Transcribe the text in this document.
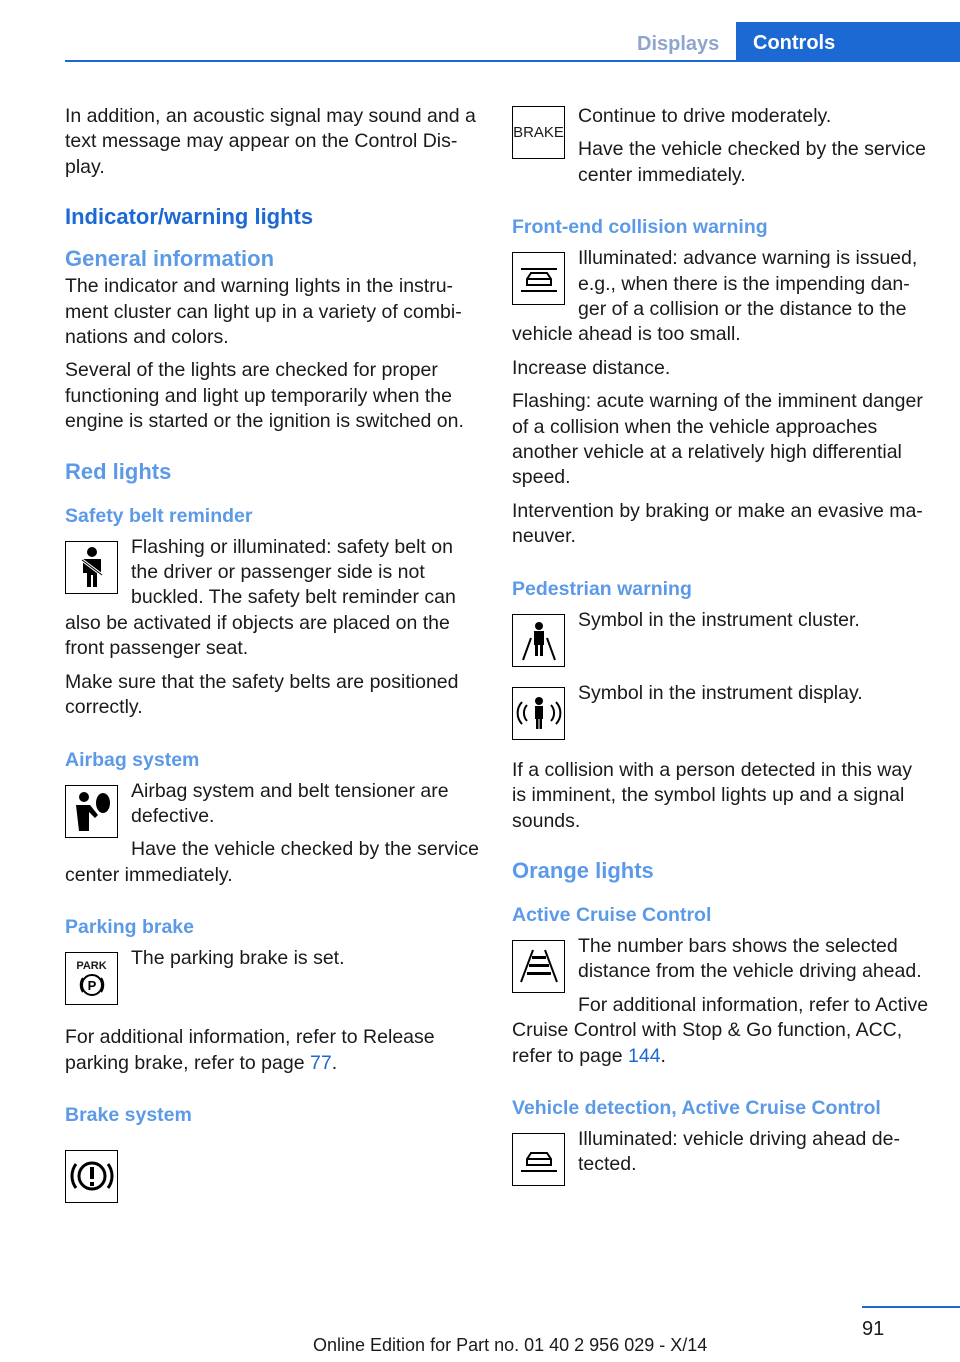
Displays	Controls

In addition, an acoustic signal may sound and a text message may appear on the Control Display.

Indicator/warning lights
General information

The indicator and warning lights in the instrument cluster can light up in a variety of combinations and colors.

Several of the lights are checked for proper functioning and light up temporarily when the engine is started or the ignition is switched on.

Red lights
Safety belt reminder

Flashing or illuminated: safety belt on the driver or passenger side is not buckled. The safety belt reminder can also be activated if objects are placed on the front passenger seat.

Make sure that the safety belts are positioned correctly.

Airbag system

Airbag system and belt tensioner are defective.

Have the vehicle checked by the service center immediately.

Parking brake
PARK
P

The parking brake is set.

For additional information, refer to Release parking brake, refer to page 77.

Brake system
BRAKE

Continue to drive moderately.

Have the vehicle checked by the service center immediately.

Front-end collision warning

Illuminated: advance warning is issued, e.g., when there is the impending danger of a collision or the distance to the vehicle ahead is too small.

Increase distance.

Flashing: acute warning of the imminent danger of a collision when the vehicle approaches another vehicle at a relatively high differential speed.

Intervention by braking or make an evasive maneuver.

Pedestrian warning

Symbol in the instrument cluster.

Symbol in the instrument display.

If a collision with a person detected in this way is imminent, the symbol lights up and a signal sounds.

Orange lights
Active Cruise Control

The number bars shows the selected distance from the vehicle driving ahead.

For additional information, refer to Active Cruise Control with Stop & Go function, ACC, refer to page 144.

Vehicle detection, Active Cruise Control

Illuminated: vehicle driving ahead detected.

91
Online Edition for Part no. 01 40 2 956 029 - X/14
